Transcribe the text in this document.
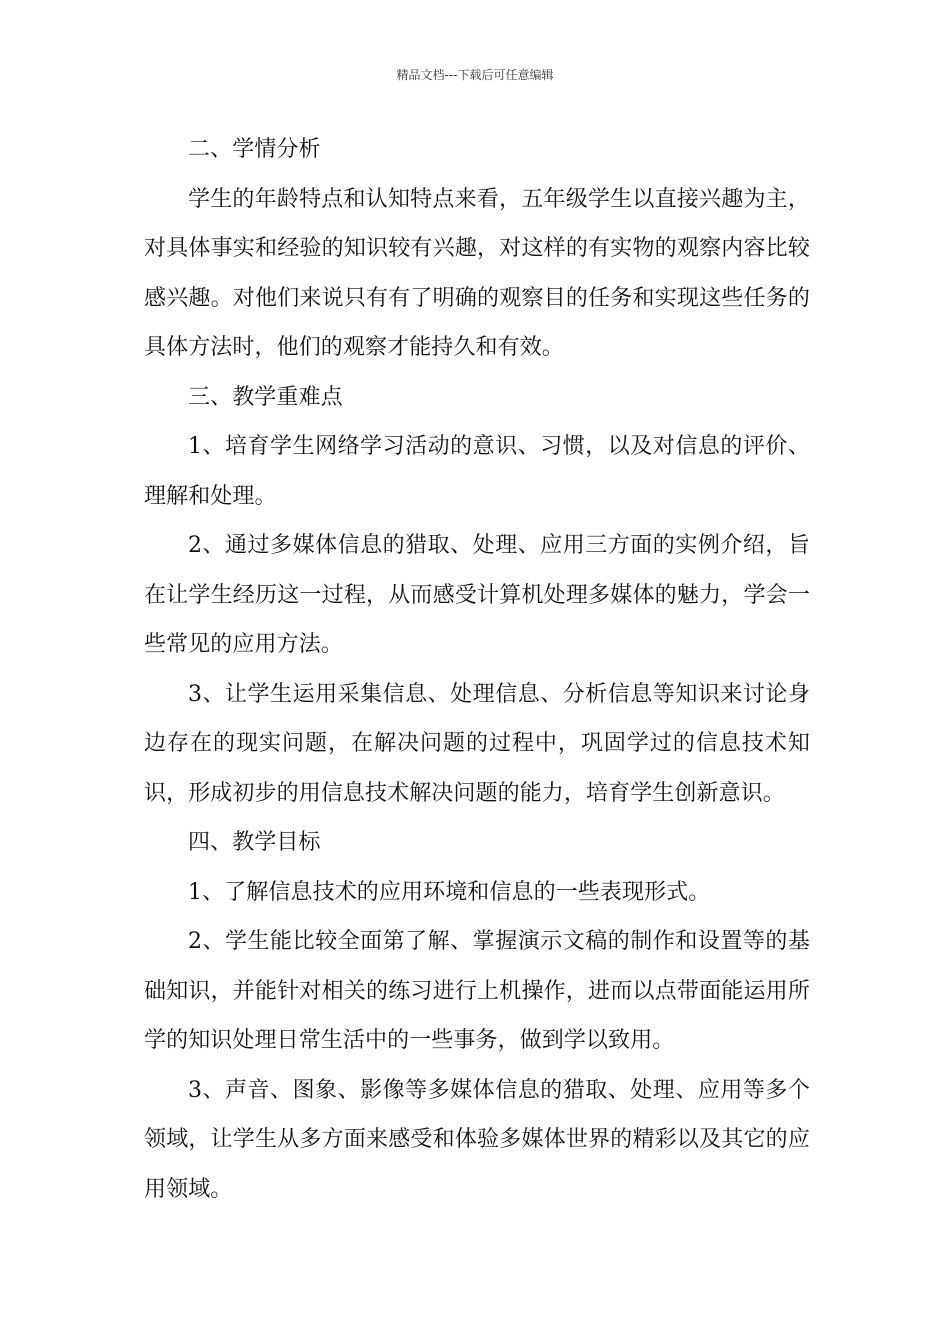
精品文档---下载后可任意编辑

二、学情分析

学生的年龄特点和认知特点来看，五年级学生以直接兴趣为主，对具体事实和经验的知识较有兴趣，对这样的有实物的观察内容比较感兴趣。对他们来说只有有了明确的观察目的任务和实现这些任务的具体方法时，他们的观察才能持久和有效。

三、教学重难点

1、培育学生网络学习活动的意识、习惯，以及对信息的评价、理解和处理。

2、通过多媒体信息的猎取、处理、应用三方面的实例介绍，旨在让学生经历这一过程，从而感受计算机处理多媒体的魅力，学会一些常见的应用方法。

3、让学生运用采集信息、处理信息、分析信息等知识来讨论身边存在的现实问题，在解决问题的过程中，巩固学过的信息技术知识，形成初步的用信息技术解决问题的能力，培育学生创新意识。

四、教学目标

1、了解信息技术的应用环境和信息的一些表现形式。

2、学生能比较全面第了解、掌握演示文稿的制作和设置等的基础知识，并能针对相关的练习进行上机操作，进而以点带面能运用所学的知识处理日常生活中的一些事务，做到学以致用。

3、声音、图象、影像等多媒体信息的猎取、处理、应用等多个领域，让学生从多方面来感受和体验多媒体世界的精彩以及其它的应用领域。
